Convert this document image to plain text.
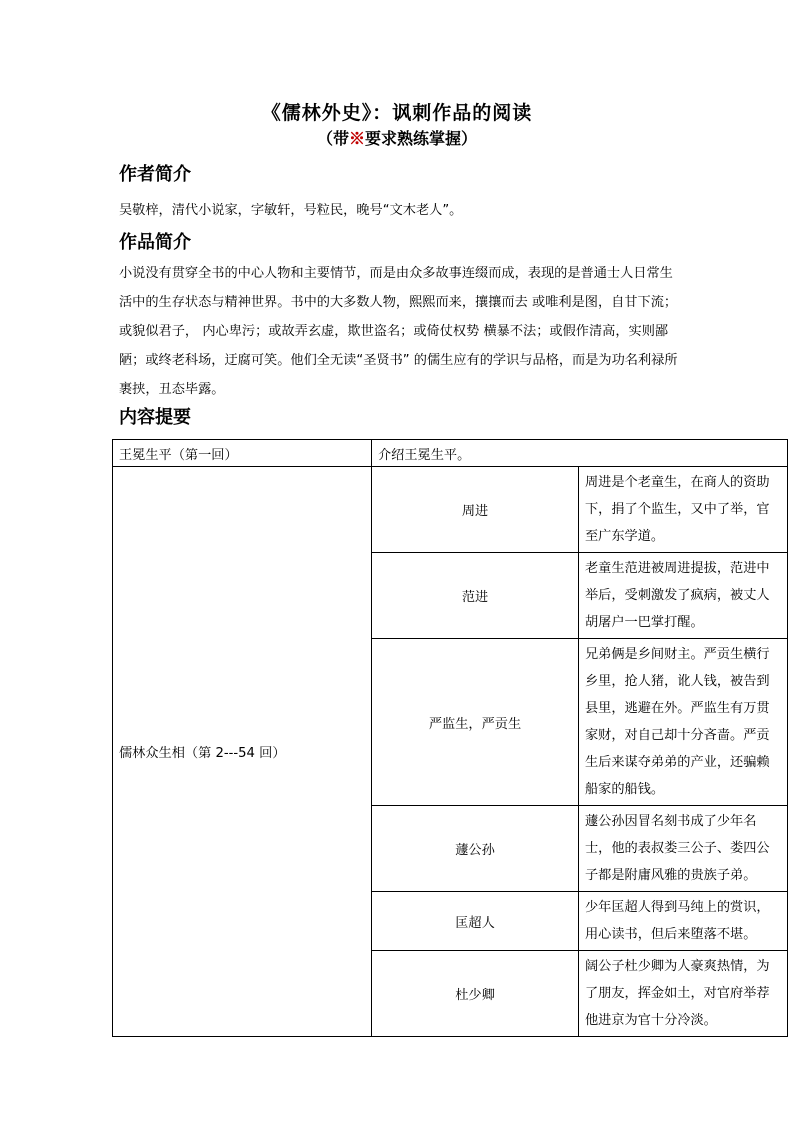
《儒林外史》：讽刺作品的阅读
（带※要求熟练掌握）
作者简介
吴敬梓，清代小说家，字敏轩，号粒民，晚号“文木老人”。
作品简介
小说没有贯穿全书的中心人物和主要情节，而是由众多故事连缀而成，表现的是普通士人日常生活中的生存状态与精神世界。书中的大多数人物，熙熙而来，攘攘而去 或唯利是图，自甘下流；或貌似君子， 内心卑污；或故弄玄虚，欺世盗名；或倚仗权势 横暴不法；或假作清高，实则鄙陋；或终老科场，迂腐可笑。他们全无读“圣贤书” 的儒生应有的学识与品格，而是为功名利禄所裹挟，丑态毕露。
内容提要
王冕生平（第一回）	介绍王冕生平。	
儒林众生相（第 2---54 回）	周进	周进是个老童生，在商人的资助下，捐了个监生，又中了举，官至广东学道。
	范进	老童生范进被周进提拔，范进中举后，受刺激发了疯病，被丈人胡屠户一巴掌打醒。
	严监生，严贡生	兄弟俩是乡间财主。严贡生横行乡里，抢人猪，讹人钱，被告到县里，逃避在外。严监生有万贯家财，对自己却十分吝啬。严贡生后来谋夺弟弟的产业，还骗赖船家的船钱。
	蘧公孙	蘧公孙因冒名刻书成了少年名士，他的表叔娄三公子、娄四公子都是附庸风雅的贵族子弟。
	匡超人	少年匡超人得到马纯上的赏识，用心读书，但后来堕落不堪。
	杜少卿	阔公子杜少卿为人豪爽热情，为了朋友，挥金如土，对官府举荐他进京为官十分冷淡。
